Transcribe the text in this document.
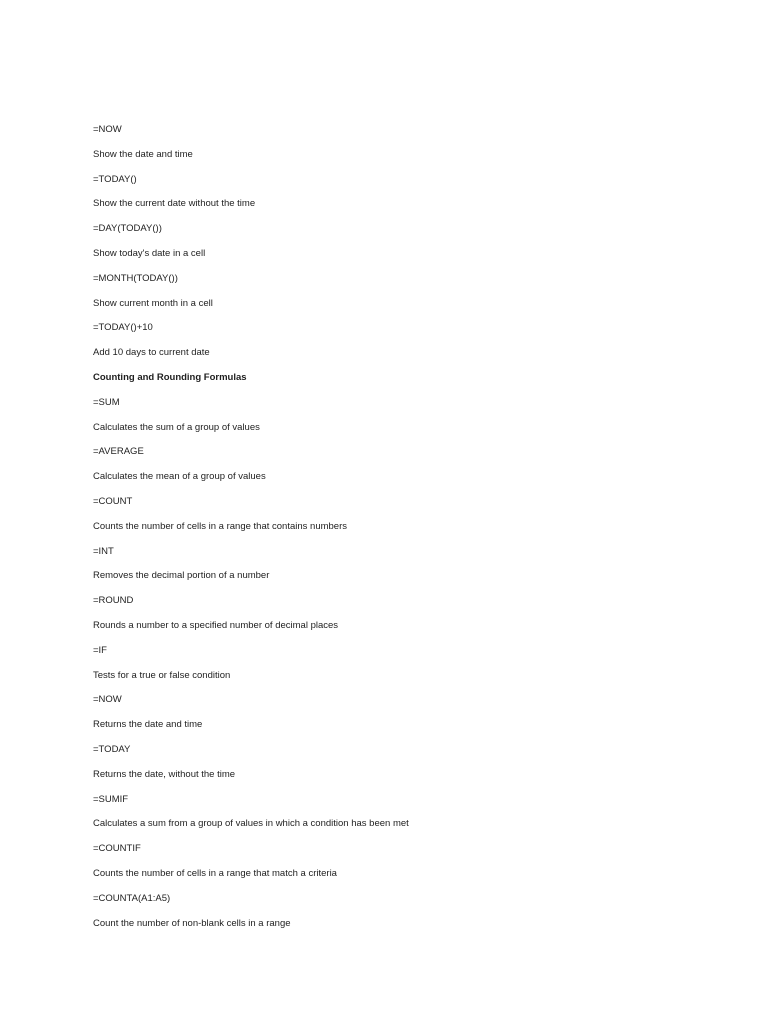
=NOW
Show the date and time
=TODAY()
Show the current date without the time
=DAY(TODAY())
Show today's date in a cell
=MONTH(TODAY())
Show current month in a cell
=TODAY()+10
Add 10 days to current date
Counting and Rounding Formulas
=SUM
Calculates the sum of a group of values
=AVERAGE
Calculates the mean of a group of values
=COUNT
Counts the number of cells in a range that contains numbers
=INT
Removes the decimal portion of a number
=ROUND
Rounds a number to a specified number of decimal places
=IF
Tests for a true or false condition
=NOW
Returns the date and time
=TODAY
Returns the date, without the time
=SUMIF
Calculates a sum from a group of values in which a condition has been met
=COUNTIF
Counts the number of cells in a range that match a criteria
=COUNTA(A1:A5)
Count the number of non-blank cells in a range
